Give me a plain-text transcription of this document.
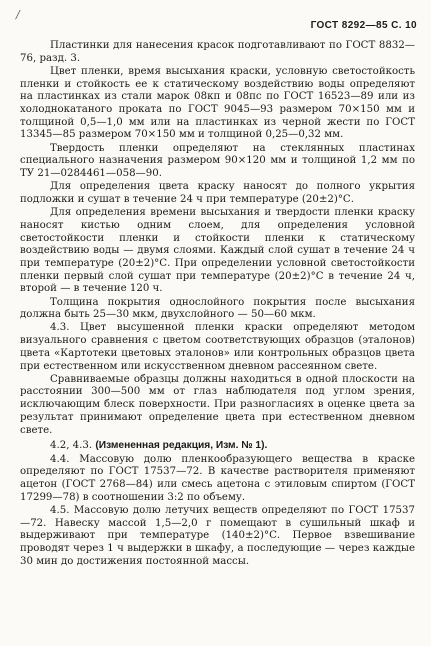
/
ГОСТ 8292—85 С. 10

Пластинки для нанесения красок подготавливают по ГОСТ 8832—76, разд. 3.

Цвет пленки, время высыхания краски, условную светостойкость пленки и стойкость ее к статическому воздействию воды определяют на пластинках из стали марок 08кп и 08пс по ГОСТ 16523—89 или из холоднокатаного проката по ГОСТ 9045—93 размером 70×150 мм и толщиной 0,5—1,0 мм или на пластинках из черной жести по ГОСТ 13345—85 размером 70×150 мм и толщиной 0,25—0,32 мм.

Твердость пленки определяют на стеклянных пластинах специального назначения размером 90×120 мм и толщиной 1,2 мм по ТУ 21—0284461—058—90.

Для определения цвета краску наносят до полного укрытия подложки и сушат в течение 24 ч при температуре (20±2)°С.

Для определения времени высыхания и твердости пленки краску наносят кистью одним слоем, для определения условной светостойкости пленки и стойкости пленки к статическому воздействию воды — двумя слоями. Каждый слой сушат в течение 24 ч при температуре (20±2)°С. При определении условной светостойкости пленки первый слой сушат при температуре (20±2)°С в течение 24 ч, второй — в течение 120 ч.

Толщина покрытия однослойного покрытия после высыхания должна быть 25—30 мкм, двухслойного — 50—60 мкм.

4.3. Цвет высушенной пленки краски определяют методом визуального сравнения с цветом соответствующих образцов (эталонов) цвета «Картотеки цветовых эталонов» или контрольных образцов цвета при естественном или искусственном дневном рассеянном свете.

Сравниваемые образцы должны находиться в одной плоскости на расстоянии 300—500 мм от глаз наблюдателя под углом зрения, исключающим блеск поверхности. При разногласиях в оценке цвета за результат принимают определение цвета при естественном дневном свете.

4.2, 4.3. (Измененная редакция, Изм. № 1).

4.4. Массовую долю пленкообразующего вещества в краске определяют по ГОСТ 17537—72. В качестве растворителя применяют ацетон (ГОСТ 2768—84) или смесь ацетона с этиловым спиртом (ГОСТ 17299—78) в соотношении 3:2 по объему.

4.5. Массовую долю летучих веществ определяют по ГОСТ 17537—72. Навеску массой 1,5—2,0 г помещают в сушильный шкаф и выдерживают при температуре (140±2)°С. Первое взвешивание проводят через 1 ч выдержки в шкафу, а последующие — через каждые 30 мин до достижения постоянной массы.
